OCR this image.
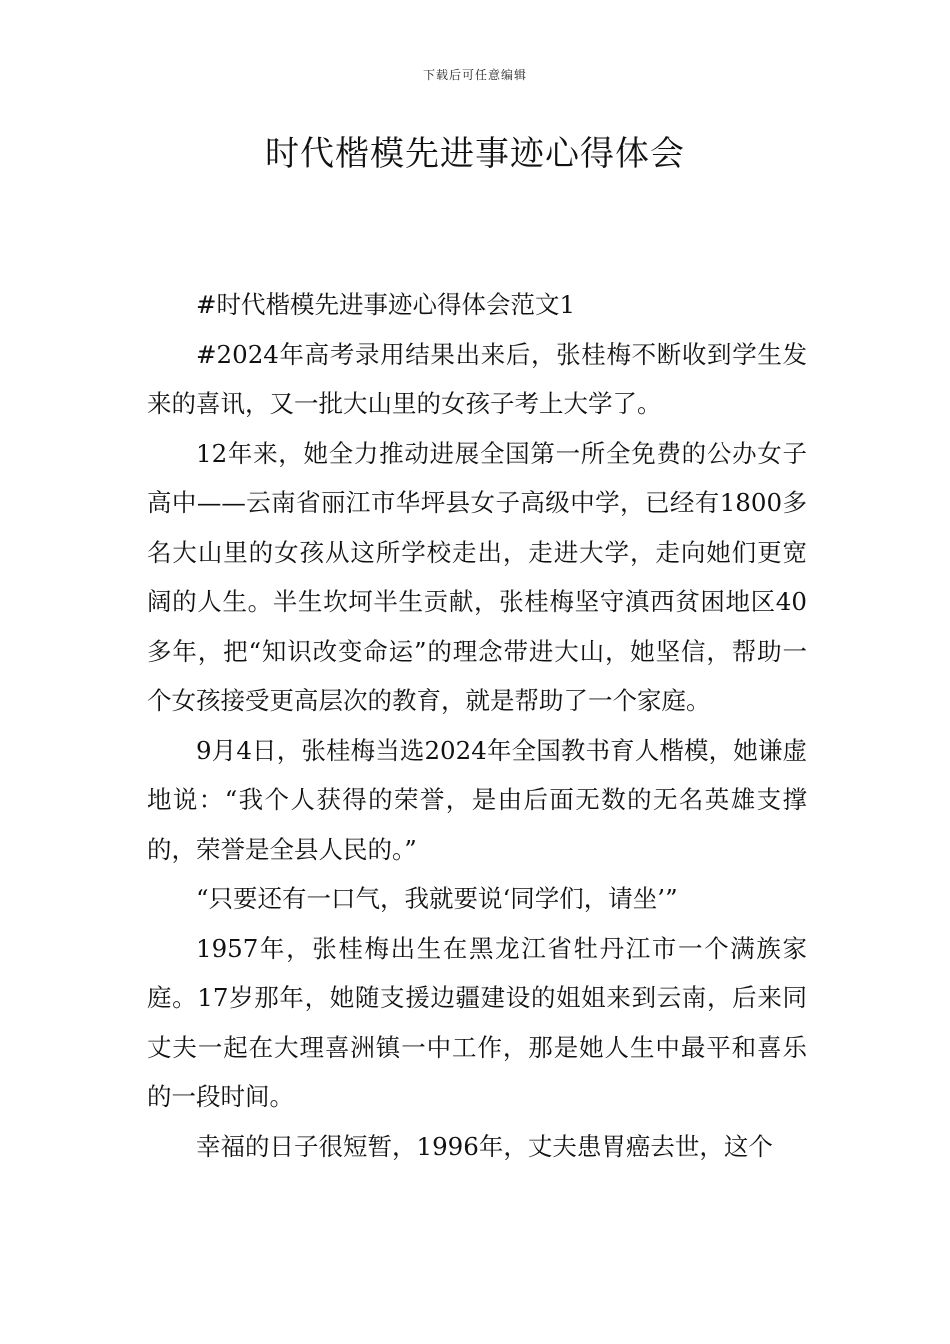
下载后可任意编辑
时代楷模先进事迹心得体会

#时代楷模先进事迹心得体会范文1

#2024年高考录用结果出来后，张桂梅不断收到学生发来的喜讯，又一批大山里的女孩子考上大学了。

12年来，她全力推动进展全国第一所全免费的公办女子高中——云南省丽江市华坪县女子高级中学，已经有1800多名大山里的女孩从这所学校走出，走进大学，走向她们更宽阔的人生。半生坎坷半生贡献，张桂梅坚守滇西贫困地区40多年，把“知识改变命运”的理念带进大山，她坚信，帮助一个女孩接受更高层次的教育，就是帮助了一个家庭。

9月4日，张桂梅当选2024年全国教书育人楷模，她谦虚地说：“我个人获得的荣誉，是由后面无数的无名英雄支撑的，荣誉是全县人民的。”

“只要还有一口气，我就要说‘同学们，请坐’”

1957年，张桂梅出生在黑龙江省牡丹江市一个满族家庭。17岁那年，她随支援边疆建设的姐姐来到云南，后来同丈夫一起在大理喜洲镇一中工作，那是她人生中最平和喜乐的一段时间。

幸福的日子很短暂，1996年，丈夫患胃癌去世，这个
